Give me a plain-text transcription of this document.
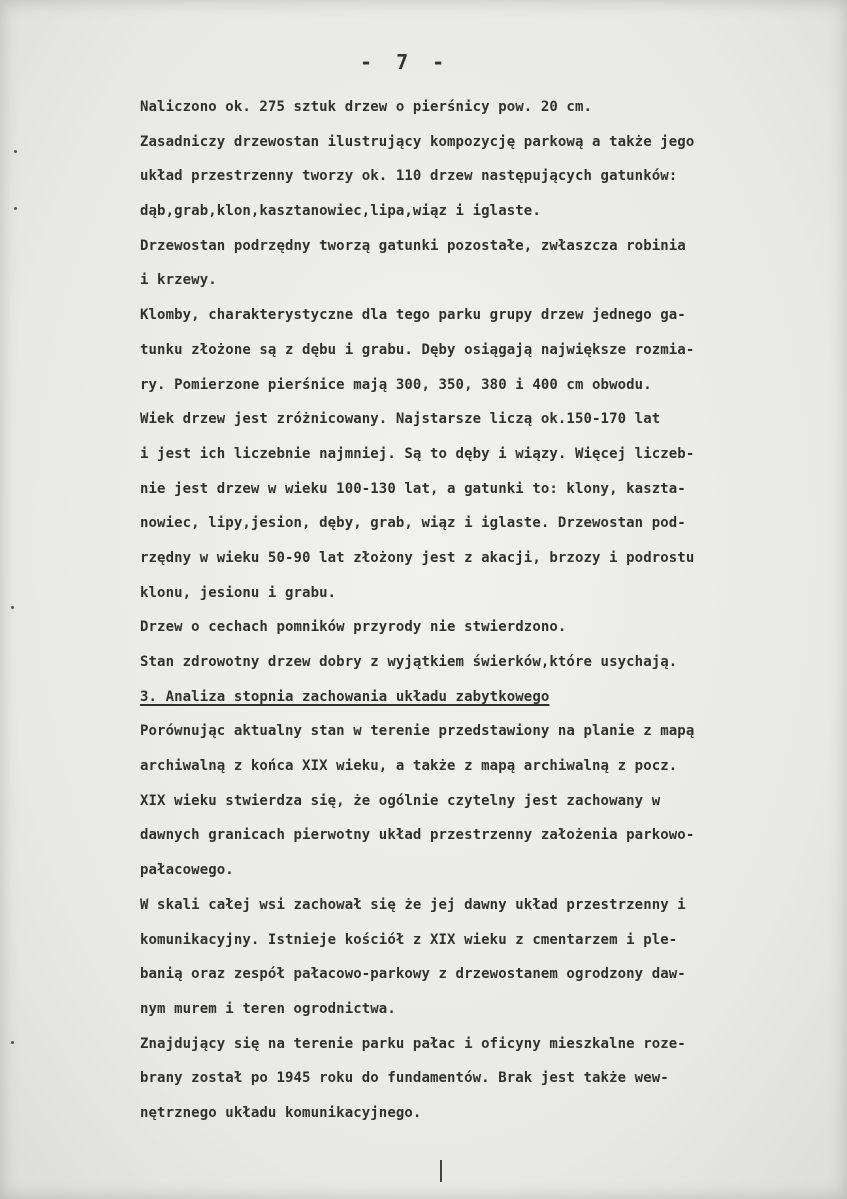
- 7 -
Naliczono ok. 275 sztuk drzew o pierśnicy pow. 20 cm.
Zasadniczy drzewostan ilustrujący kompozycję parkową a także jego
układ przestrzenny tworzy ok. 110 drzew następujących gatunków:
dąb,grab,klon,kasztanowiec,lipa,wiąz i iglaste.
Drzewostan podrzędny tworzą gatunki pozostałe, zwłaszcza robinia
i krzewy.
Klomby, charakterystyczne dla tego parku grupy drzew jednego ga-
tunku złożone są z dębu i grabu. Dęby osiągają największe rozmia-
ry. Pomierzone pierśnice mają 300, 350, 380 i 400 cm obwodu.
Wiek drzew jest zróżnicowany. Najstarsze liczą ok.150-170 lat
i jest ich liczebnie najmniej. Są to dęby i wiązy. Więcej liczeb-
nie jest drzew w wieku 100-130 lat, a gatunki to: klony, kaszta-
nowiec, lipy,jesion, dęby, grab, wiąz i iglaste. Drzewostan pod-
rzędny w wieku 50-90 lat złożony jest z akacji, brzozy i podrostu
klonu, jesionu i grabu.
Drzew o cechach pomników przyrody nie stwierdzono.
Stan zdrowotny drzew dobry z wyjątkiem świerków,które usychają.
3. Analiza stopnia zachowania układu zabytkowego
Porównując aktualny stan w terenie przedstawiony na planie z mapą
archiwalną z końca XIX wieku, a także z mapą archiwalną z pocz.
XIX wieku stwierdza się, że ogólnie czytelny jest zachowany w
dawnych granicach pierwotny układ przestrzenny założenia parkowo-
pałacowego.
W skali całej wsi zachował się że jej dawny układ przestrzenny i
komunikacyjny. Istnieje kościół z XIX wieku z cmentarzem i ple-
banią oraz zespół pałacowo-parkowy z drzewostanem ogrodzony daw-
nym murem i teren ogrodnictwa.
Znajdujący się na terenie parku pałac i oficyny mieszkalne roze-
brany został po 1945 roku do fundamentów. Brak jest także wew-
nętrznego układu komunikacyjnego.
